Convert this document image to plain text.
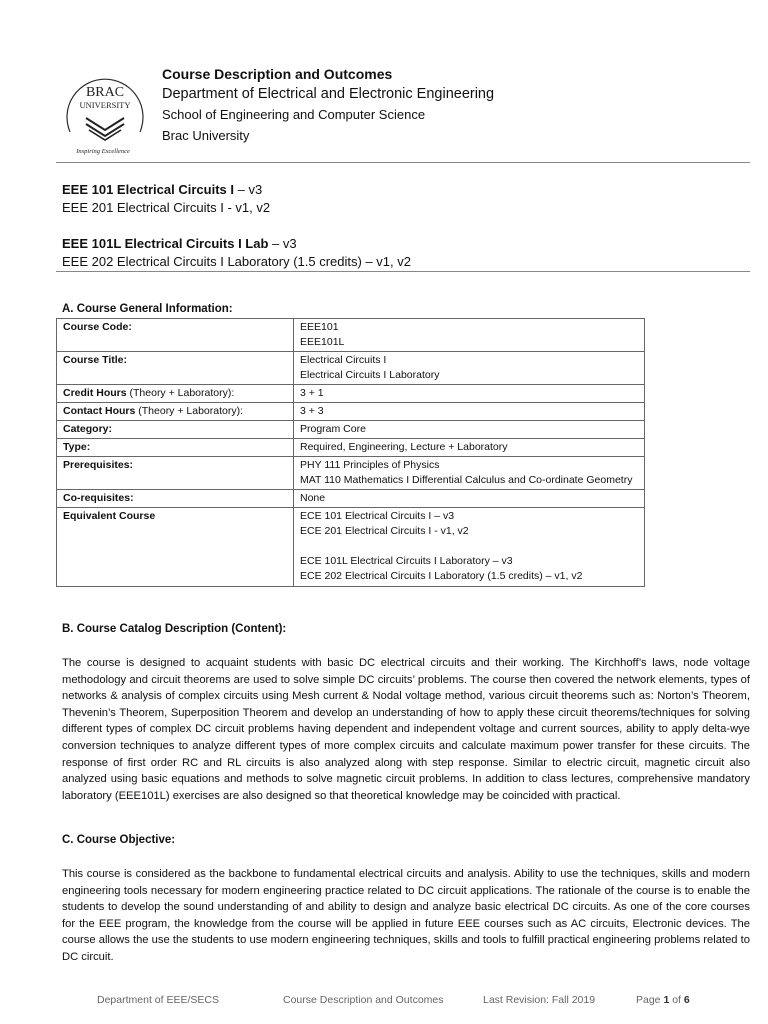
BRAC
UNIVERSITY
Inspiring Excellence
Course Description and Outcomes
Department of Electrical and Electronic Engineering
School of Engineering and Computer Science
Brac University
EEE 101 Electrical Circuits I – v3
EEE 201 Electrical Circuits I - v1, v2
EEE 101L Electrical Circuits I Lab – v3
EEE 202 Electrical Circuits I Laboratory (1.5 credits) – v1, v2
A. Course General Information:
Course Code:	EEE101
EEE101L
Course Title:	Electrical Circuits I
Electrical Circuits I Laboratory
Credit Hours (Theory + Laboratory):	3 + 1
Contact Hours (Theory + Laboratory):	3 + 3
Category:	Program Core
Type:	Required, Engineering, Lecture + Laboratory
Prerequisites:	PHY 111 Principles of Physics
MAT 110 Mathematics I Differential Calculus and Co-ordinate Geometry
Co-requisites:	None
Equivalent Course	ECE 101 Electrical Circuits I – v3
ECE 201 Electrical Circuits I - v1, v2
ECE 101L Electrical Circuits I Laboratory – v3
ECE 202 Electrical Circuits I Laboratory (1.5 credits) – v1, v2
B. Course Catalog Description (Content):
The course is designed to acquaint students with basic DC electrical circuits and their working. The Kirchhoff’s laws, node voltage methodology and circuit theorems are used to solve simple DC circuits’ problems. The course then covered the network elements, types of networks & analysis of complex circuits using Mesh current & Nodal voltage method, various circuit theorems such as: Norton’s Theorem, Thevenin’s Theorem, Superposition Theorem and develop an understanding of how to apply these circuit theorems/techniques for solving different types of complex DC circuit problems having dependent and independent voltage and current sources, ability to apply delta-wye conversion techniques to analyze different types of more complex circuits and calculate maximum power transfer for these circuits. The response of first order RC and RL circuits is also analyzed along with step response. Similar to electric circuit, magnetic circuit also analyzed using basic equations and methods to solve magnetic circuit problems. In addition to class lectures, comprehensive mandatory laboratory (EEE101L) exercises are also designed so that theoretical knowledge may be coincided with practical.
C. Course Objective:
This course is considered as the backbone to fundamental electrical circuits and analysis. Ability to use the techniques, skills and modern engineering tools necessary for modern engineering practice related to DC circuit applications. The rationale of the course is to enable the students to develop the sound understanding of and ability to design and analyze basic electrical DC circuits. As one of the core courses for the EEE program, the knowledge from the course will be applied in future EEE courses such as AC circuits, Electronic devices. The course allows the use the students to use modern engineering techniques, skills and tools to fulfill practical engineering problems related to DC circuit.
Department of EEE/SECS	Course Description and Outcomes	Last Revision: Fall 2019	Page 1 of 6
